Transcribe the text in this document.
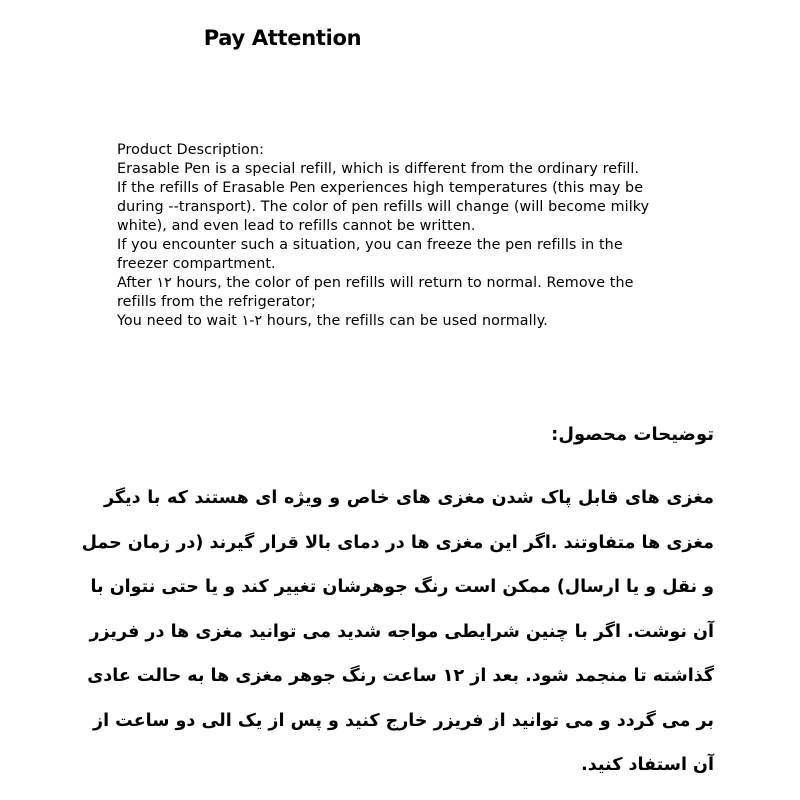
Pay Attention
Product Description:
Erasable Pen is a special refill, which is different from the ordinary refill.
If the refills of Erasable Pen experiences high temperatures (this may be
during --transport). The color of pen refills will change (will become milky
white), and even lead to refills cannot be written.
If you encounter such a situation, you can freeze the pen refills in the
freezer compartment.
After ۱۲ hours, the color of pen refills will return to normal. Remove the
refills from the refrigerator;
You need to wait ۱-۲ hours, the refills can be used normally.
توضیحات محصول:
مغزی های قابل پاک شدن مغزی های خاص و ویژه ای هستند که با دیگر
مغزی ها متفاوتند .اگر این مغزی ها در دمای بالا قرار گیرند (در زمان حمل
و نقل و یا ارسال) ممکن است رنگ جوهرشان تغییر کند و یا حتی نتوان با
آن نوشت. اگر با چنین شرایطی مواجه شدید می توانید مغزی ها در فریزر
گذاشته تا منجمد شود. بعد از ۱۲ ساعت رنگ جوهر مغزی ها به حالت عادی
بر می گردد و می توانید از فریزر خارج کنید و پس از یک الی دو ساعت از
آن استفاد کنید.
